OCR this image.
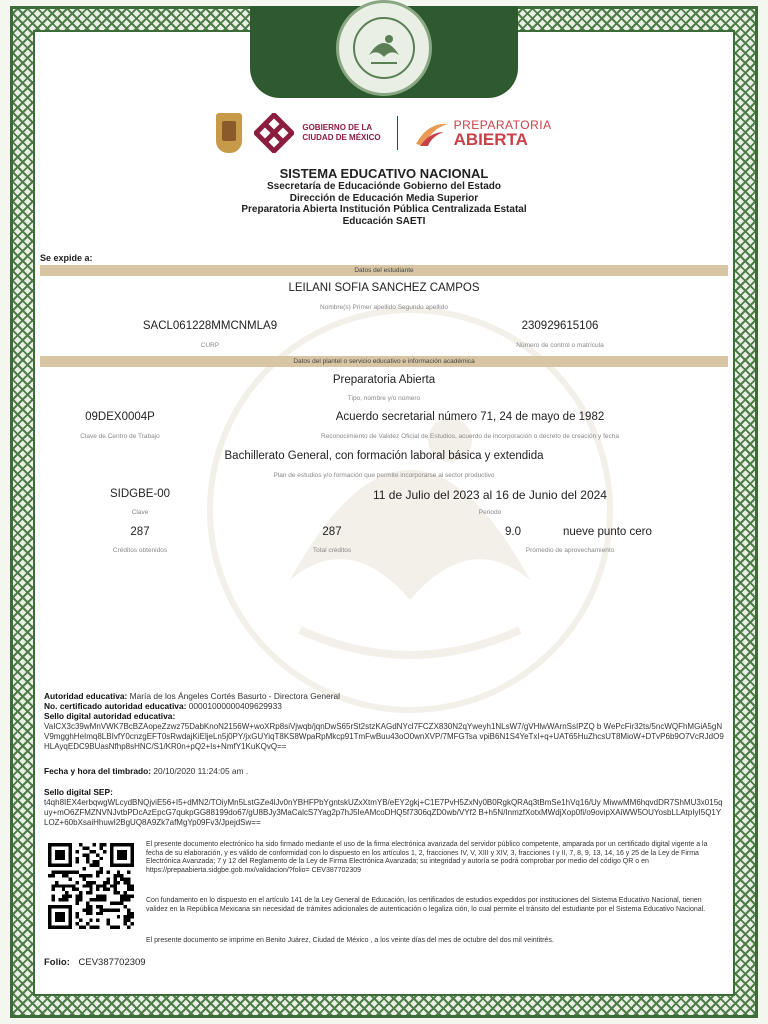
GOBIERNO DE LA
CIUDAD DE MÉXICO
PREPARATORIA
ABIERTA
SISTEMA EDUCATIVO NACIONAL
Ssecretaría de Educaciónde Gobierno del Estado
Dirección de Educación Media Superior
Preparatoria Abierta Institución Pública Centralizada Estatal
Educación SAETI
Se expide a:
Datos del estudiante
LEILANI SOFIA SANCHEZ CAMPOS
Nombre(s) Primer apellido Segundo apellido
SACL061228MMCNMLA9
CURP
230929615106
Número de control o matrícula
Datos del plantel o servicio educativo e información académica
Preparatoria Abierta
Tipo, nombre y/o número
09DEX0004P
Clave de Centro de Trabajo
Acuerdo secretarial número 71, 24 de mayo de 1982
Reconocimiento de Validez Oficial de Estudios, acuerdo de incorporación o decreto de creación y fecha
Bachillerato General, con formación laboral básica y extendida
Plan de estudios y/o formación que permite incorporarse al sector productivo
SIDGBE-00
Clave
11 de Julio del 2023 al 16 de Junio del 2024
Periodo
287
Créditos obtenidos
287
Total créditos
9.0	nueve punto cero
Promedio de aprovechamiento
Autoridad educativa: María de los Ángeles Cortés Basurto - Directora General
No. certificado autoridad educativa: 00001000000409629933
Sello digital autoridad educativa:
VaICX3c39wMnVWK7BcBZAopeZzwz75DabKnoN2156W+woXRp8siVjwqb/jqnDwS65rSt2stzKAGdNYcl7FCZX830N2qYweyh1NLsW7/gVHlwWArnSsIPZQ b WePcFir32ts/5ncWQFhMGiA5gNV9mgghHeImq8LBIvfY0cnzgEFT0sRwdajKiEljeLn5j0PY/jxGUYiqT8KS8WpaRpMkcp91TmFwBuu43oO0wnXVP/7MFGTsa vpiB6N1S4YeTxI+q+UAT65HuZhcsUT8MioW+DTvP6b9O7VcRJdO9HLAyqEDC9BUasNfhp8sHNC/S1/KR0n+pQ2+Is+NmfY1KuKQvQ==
Fecha y hora del timbrado: 20/10/2020 11:24:05 am .
Sello digital SEP:
t4qh8IEX4erbqwgWLcydBNQjviE56+I5+dMN2/TOiyMn5LstGZe4lJv0nYBHFPbYgntskUZxXtmYB/eEY2gkj+C1E7PvH5ZxNy0B0RgkQRAq3tBmSe1hVq16/Uy MiwwMM6hqvdDR7ShMU3x015quy+mO6ZFMZNVNJvtbPDcAzEpcG7qukpGG88199do67/gU8BJy3MaCalcS7Yag2p7hJ5IeAMcoDHQ5f7306qZD0wb/VYf2 B+h5N/InmzfXotxMWdjXop0fi/o9ovipXAiWW5OUYosbLLAtpIyI5Q1YLOZ+60bXsaiHhuwI2BgUQ8A9Zk7afMgYp09Fv3/JpejdSw==
El presente documento electrónico ha sido firmado mediante el uso de la firma electrónica avanzada del servidor público competente, amparada por un certificado digital vigente a la fecha de su elaboración, y es válido de conformidad con lo dispuesto en los artículos 1, 2, fracciones IV, V, XIII y XIV, 3, fracciones I y II, 7, 8, 9, 13, 14, 16 y 25 de la Ley de Firma Electrónica Avanzada; 7 y 12 del Reglamento de la Ley de Firma Electrónica Avanzada; su integridad y autoría se podrá comprobar por medio del código QR o en https://prepaabierta.sidgbe.gob.mx/validacion/?folio= CEV387702309
Con fundamento en lo dispuesto en el artículo 141 de la Ley General de Educación, los certificados de estudios expedidos por instituciones del Sistema Educativo Nacional, tienen validez en la República Mexicana sin necesidad de trámites adicionales de autenticación o legaliza ción, lo cual permite el tránsito del estudiante por el Sistema Educativo Nacional.
El presente documento se imprime en Benito Juárez, Ciudad de México , a los veinte días del mes de octubre del dos mil veintitrés.
Folio: CEV387702309
